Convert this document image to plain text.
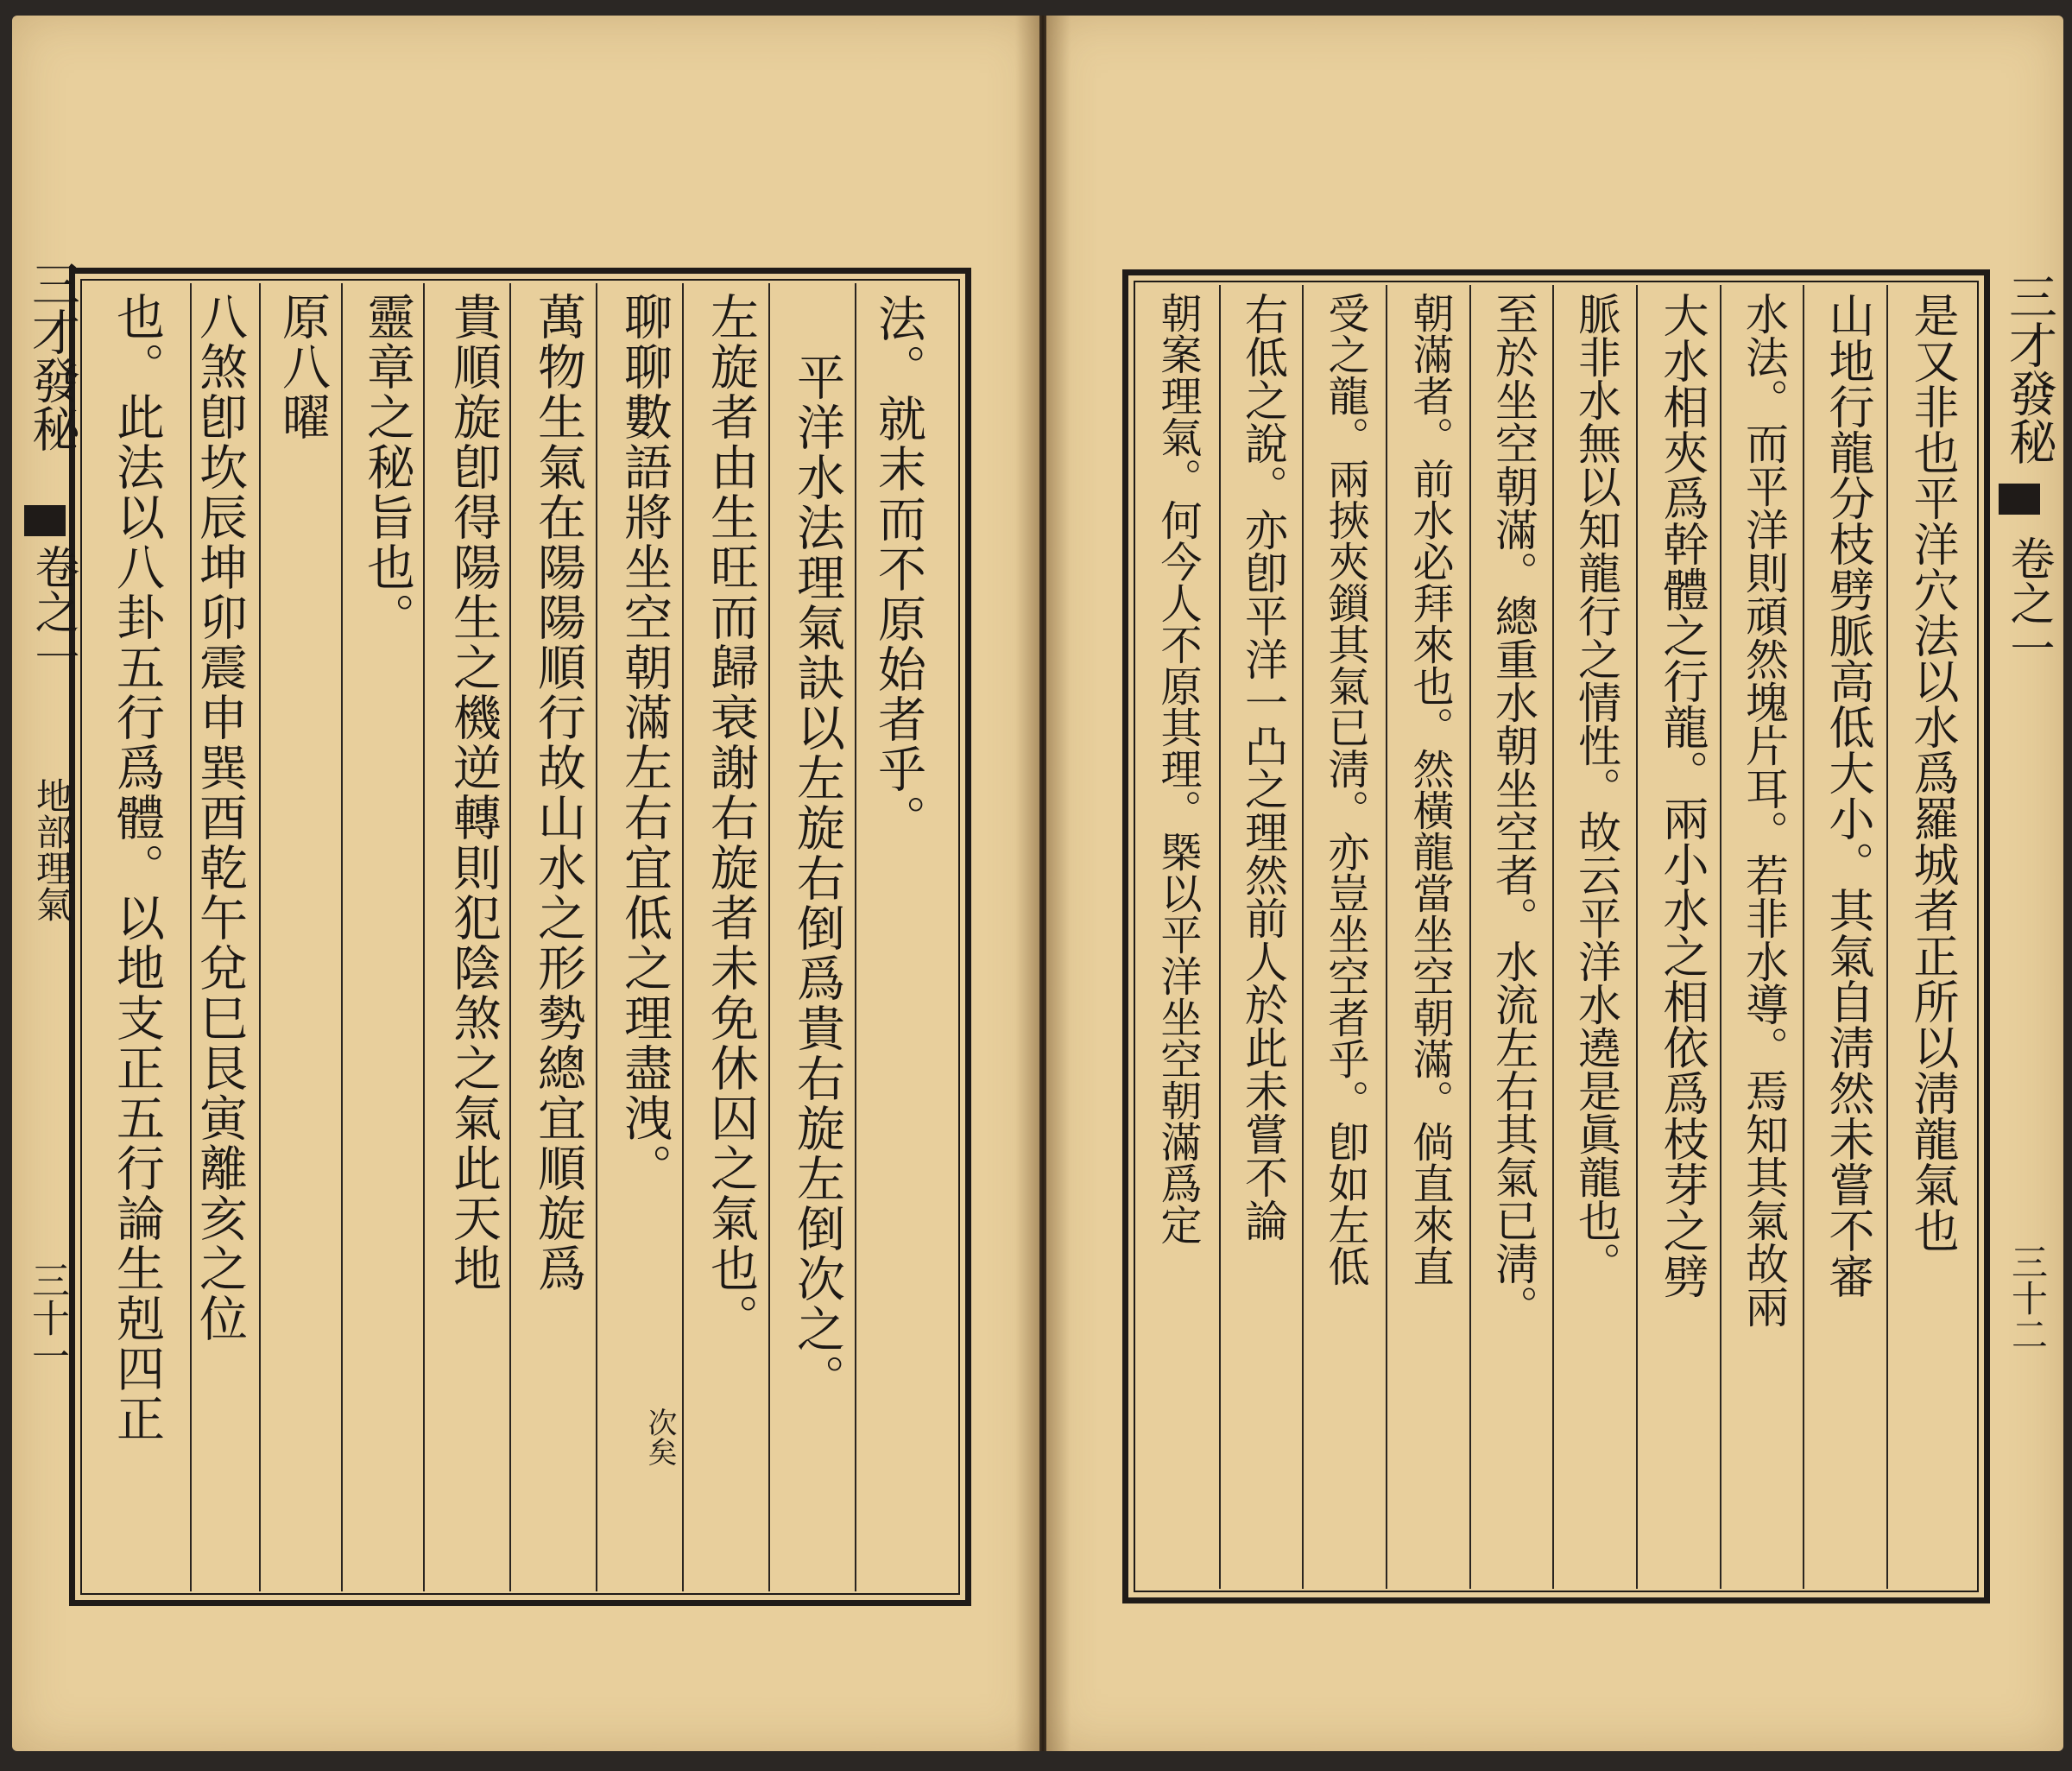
三才發秘
卷之一
地部理氣
三十一
法。就末而不原始者乎。
平洋水法理氣訣以左旋右倒爲貴右旋左倒次之。
左旋者由生旺而歸衰謝右旋者未免休囚之氣也。
聊聊數語將坐空朝滿左右宜低之理盡洩。
次矣
萬物生氣在陽陽順行故山水之形勢總宜順旋爲
貴順旋卽得陽生之機逆轉則犯陰煞之氣此天地
靈章之秘旨也。
原八曜
八煞卽坎辰坤卯震申巽酉乾午兌巳艮寅離亥之位
也。此法以八卦五行爲體。以地支正五行論生剋四正	三才發秘
卷之一
三十二
是又非也平洋穴法以水爲羅城者正所以淸龍氣也
山地行龍分枝劈脈高低大小。其氣自淸然未嘗不審
水法。而平洋則頑然塊片耳。若非水導。焉知其氣故兩
大水相夾爲幹體之行龍。兩小水之相依爲枝芽之劈
脈非水無以知龍行之情性。故云平洋水遶是眞龍也。
至於坐空朝滿。總重水朝坐空者。水流左右其氣已淸。
朝滿者。前水必拜來也。然橫龍當坐空朝滿。倘直來直
受之龍。兩挾夾鎻其氣已淸。亦豈坐空者乎。卽如左低
右低之說。亦卽平洋一凸之理然前人於此未嘗不論
朝案理氣。何今人不原其理。槩以平洋坐空朝滿爲定
